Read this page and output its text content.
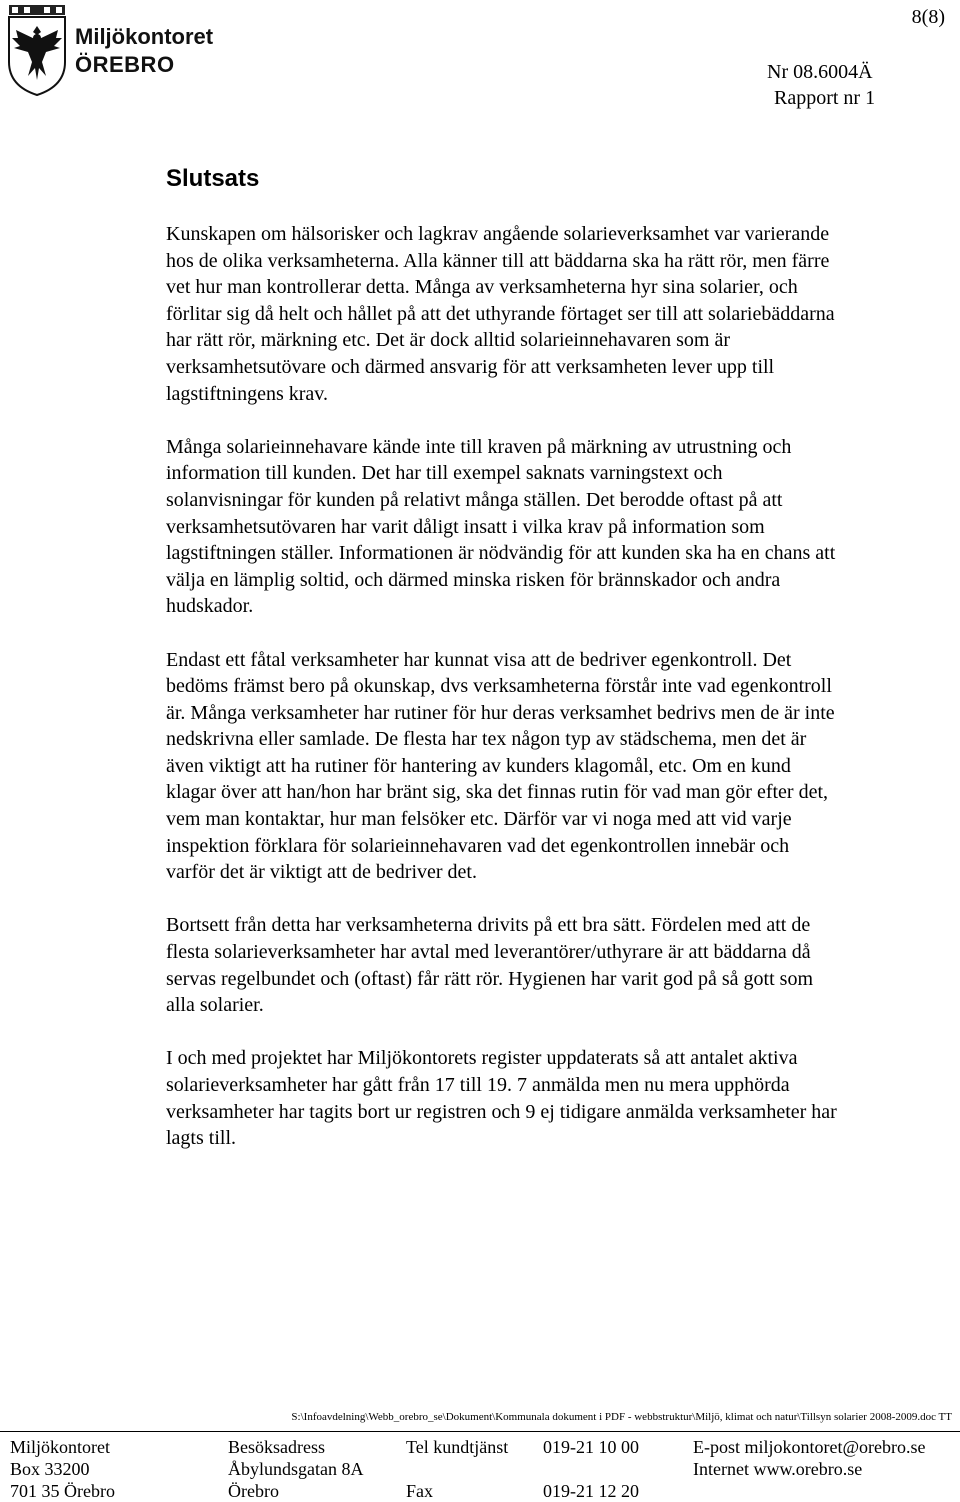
Miljökontoret
ÖREBRO
8(8)
Nr 08.6004Ä
Rapport nr 1
Slutsats

Kunskapen om hälsorisker och lagkrav angående solarieverksamhet var varierande
hos de olika verksamheterna. Alla känner till att bäddarna ska ha rätt rör, men färre
vet hur man kontrollerar detta. Många av verksamheterna hyr sina solarier, och
förlitar sig då helt och hållet på att det uthyrande förtaget ser till att solariebäddarna
har rätt rör, märkning etc. Det är dock alltid solarieinnehavaren som är
verksamhetsutövare och därmed ansvarig för att verksamheten lever upp till
lagstiftningens krav.

Många solarieinnehavare kände inte till kraven på märkning av utrustning och
information till kunden. Det har till exempel saknats varningstext och
solanvisningar för kunden på relativt många ställen. Det berodde oftast på att
verksamhetsutövaren har varit dåligt insatt i vilka krav på information som
lagstiftningen ställer. Informationen är nödvändig för att kunden ska ha en chans att
välja en lämplig soltid, och därmed minska risken för brännskador och andra
hudskador.

Endast ett fåtal verksamheter har kunnat visa att de bedriver egenkontroll. Det
bedöms främst bero på okunskap, dvs verksamheterna förstår inte vad egenkontroll
är. Många verksamheter har rutiner för hur deras verksamhet bedrivs men de är inte
nedskrivna eller samlade. De flesta har tex någon typ av städschema, men det är
även viktigt att ha rutiner för hantering av kunders klagomål, etc. Om en kund
klagar över att han/hon har bränt sig, ska det finnas rutin för vad man gör efter det,
vem man kontaktar, hur man felsöker etc. Därför var vi noga med att vid varje
inspektion förklara för solarieinnehavaren vad det egenkontrollen innebär och
varför det är viktigt att de bedriver det.

Bortsett från detta har verksamheterna drivits på ett bra sätt. Fördelen med att de
flesta solarieverksamheter har avtal med leverantörer/uthyrare är att bäddarna då
servas regelbundet och (oftast) får rätt rör. Hygienen har varit god på så gott som
alla solarier.

I och med projektet har Miljökontorets register uppdaterats så att antalet aktiva
solarieverksamheter har gått från 17 till 19. 7 anmälda men nu mera upphörda
verksamheter har tagits bort ur registren och 9 ej tidigare anmälda verksamheter har
lagts till.

S:\Infoavdelning\Webb_orebro_se\Dokument\Kommunala dokument i PDF - webbstruktur\Miljö, klimat och natur\Tillsyn solarier 2008-2009.doc TT
Miljökontoret
Box 33200
701 35 Örebro
Besöksadress
Åbylundsgatan 8A
Örebro
Tel kundtjänst 019-21 10 00
Fax	019-21 12 20
E-post miljokontoret@orebro.se
Internet www.orebro.se
